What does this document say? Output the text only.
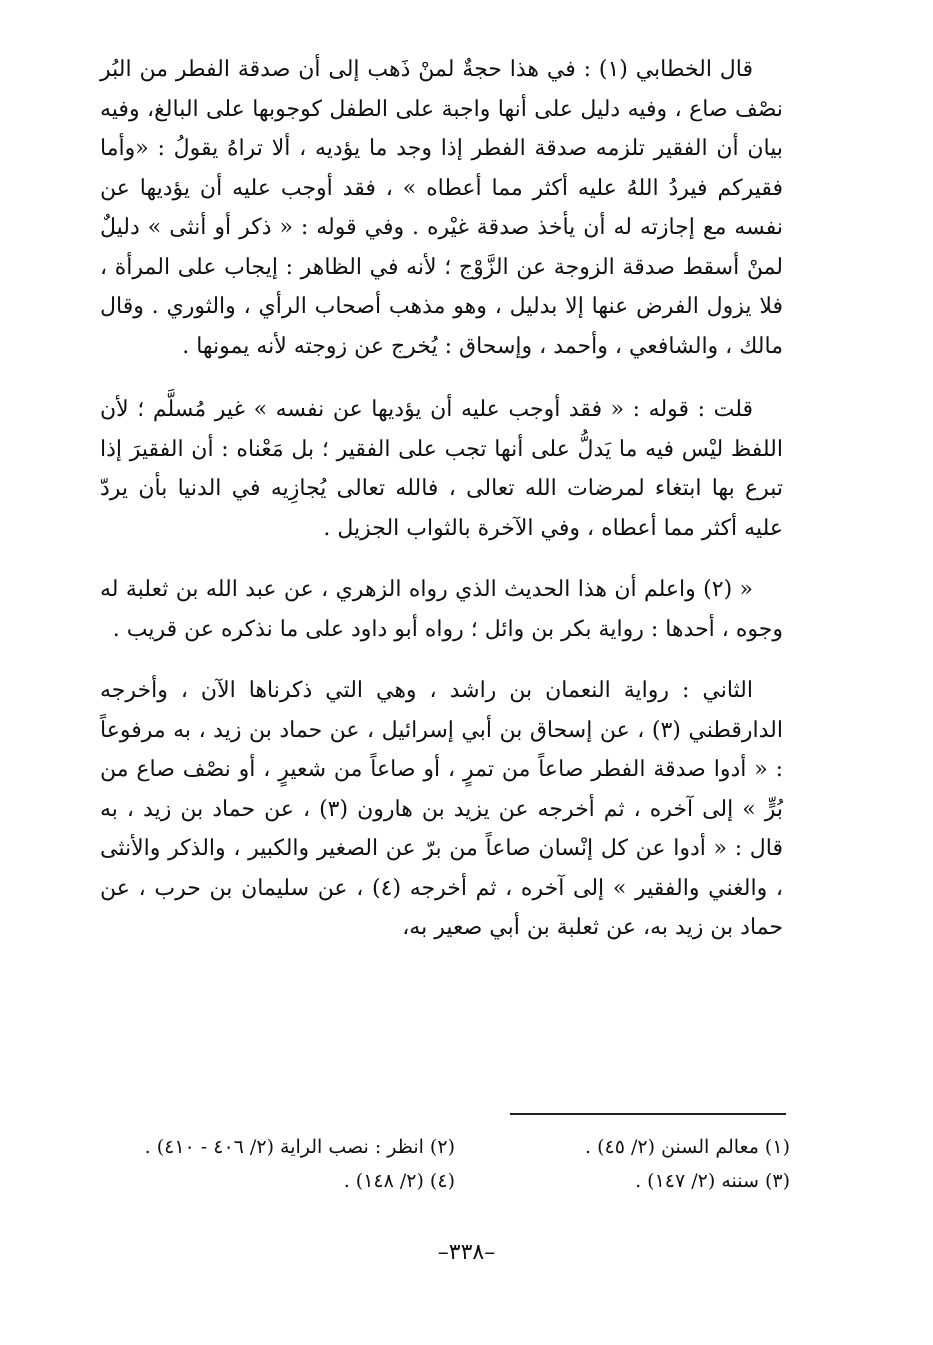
قال الخطابي (١) : في هذا حجةٌ لمنْ ذَهب إلى أن صدقة الفطر من البُر نصْف صاع ، وفيه دليل على أنها واجبة على الطفل كوجوبها على البالغ، وفيه بيان أن الفقير تلزمه صدقة الفطر إذا وجد ما يؤديه ، ألا تراهُ يقولُ : «وأما فقيركم فيردُ اللهُ عليه أكثر مما أعطاه » ، فقد أوجب عليه أن يؤديها عن نفسه مع إجازته له أن يأخذ صدقة غيْره . وفي قوله : « ذكر أو أنثى » دليلٌ لمنْ أسقط صدقة الزوجة عن الزَّوْج ؛ لأنه في الظاهر : إيجاب على المرأة ، فلا يزول الفرض عنها إلا بدليل ، وهو مذهب أصحاب الرأي ، والثوري . وقال مالك ، والشافعي ، وأحمد ، وإسحاق : يُخرج عن زوجته لأنه يمونها .

قلت : قوله : « فقد أوجب عليه أن يؤديها عن نفسه » غير مُسلَّم ؛ لأن اللفظ ليْس فيه ما يَدلُّ على أنها تجب على الفقير ؛ بل مَعْناه : أن الفقيرَ إذا تبرع بها ابتغاء لمرضات الله تعالى ، فالله تعالى يُجازِيه في الدنيا بأن يردّ عليه أكثر مما أعطاه ، وفي الآخرة بالثواب الجزيل .

« (٢) واعلم أن هذا الحديث الذي رواه الزهري ، عن عبد الله بن ثعلبة له وجوه ، أحدها : رواية بكر بن وائل ؛ رواه أبو داود على ما نذكره عن قريب .

الثاني : رواية النعمان بن راشد ، وهي التي ذكرناها الآن ، وأخرجه الدارقطني (٣) ، عن إسحاق بن أبي إسرائيل ، عن حماد بن زيد ، به مرفوعاً : « أدوا صدقة الفطر صاعاً من تمرٍ ، أو صاعاً من شعيرٍ ، أو نصْف صاع من بُرٍّ » إلى آخره ، ثم أخرجه عن يزيد بن هارون (٣) ، عن حماد بن زيد ، به قال : « أدوا عن كل إنْسان صاعاً من برّ عن الصغير والكبير ، والذكر والأنثى ، والغني والفقير » إلى آخره ، ثم أخرجه (٤) ، عن سليمان بن حرب ، عن حماد بن زيد به، عن ثعلبة بن أبي صعير به،

(١) معالم السنن (٢/ ٤٥) .
(٢) انظر : نصب الراية (٢/ ٤٠٦ - ٤١٠) .
(٣) سننه (٢/ ١٤٧) .
(٤) (٢/ ١٤٨) .
–٣٣٨–
